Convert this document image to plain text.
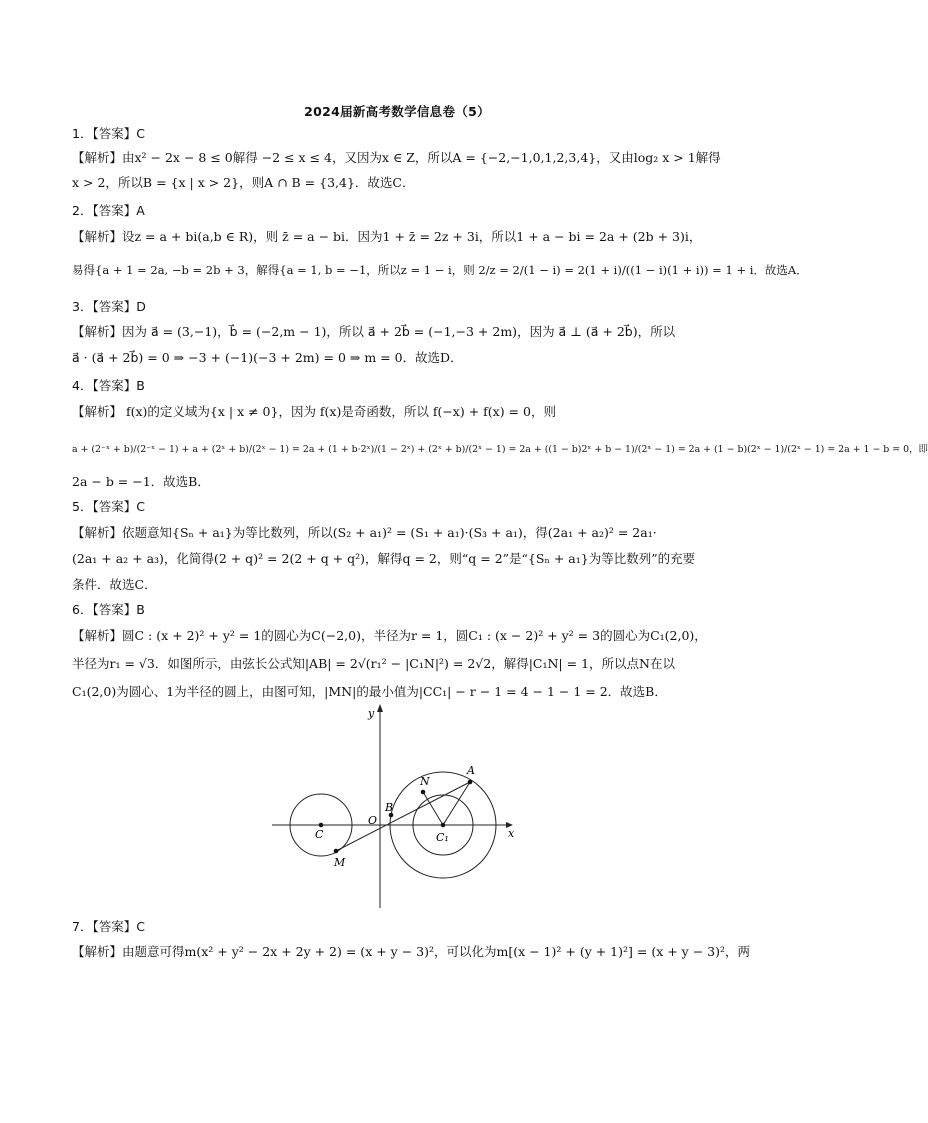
2024届新高考数学信息卷（5）
1．【答案】C
【解析】由x² − 2x − 8 ≤ 0解得 −2 ≤ x ≤ 4，又因为x ∈ Z，所以A = {−2,−1,0,1,2,3,4}，又由log₂ x > 1解得
x > 2，所以B = {x | x > 2}，则A ∩ B = {3,4}．故选C．
2．【答案】A
【解析】设z = a + bi(a,b ∈ R)，则 z̄ = a − bi．因为1 + z̄ = 2z + 3i，所以1 + a − bi = 2a + (2b + 3)i，
易得{a + 1 = 2a, −b = 2b + 3，解得{a = 1, b = −1，所以z = 1 − i，则 2/z = 2/(1 − i) = 2(1 + i)/((1 − i)(1 + i)) = 1 + i．故选A．
3．【答案】D
【解析】因为 a⃗ = (3,−1)，b⃗ = (−2,m − 1)，所以 a⃗ + 2b⃗ = (−1,−3 + 2m)，因为 a⃗ ⊥ (a⃗ + 2b⃗)，所以
a⃗ · (a⃗ + 2b⃗) = 0 ⇒ −3 + (−1)(−3 + 2m) = 0 ⇒ m = 0．故选D．
4．【答案】B
【解析】 f(x)的定义域为{x | x ≠ 0}，因为 f(x)是奇函数，所以 f(−x) + f(x) = 0，则
a + (2⁻ˣ + b)/(2⁻ˣ − 1) + a + (2ˣ + b)/(2ˣ − 1) = 2a + (1 + b·2ˣ)/(1 − 2ˣ) + (2ˣ + b)/(2ˣ − 1) = 2a + ((1 − b)2ˣ + b − 1)/(2ˣ − 1) = 2a + (1 − b)(2ˣ − 1)/(2ˣ − 1) = 2a + 1 − b = 0，即
2a − b = −1．故选B．
5．【答案】C
【解析】依题意知{Sₙ + a₁}为等比数列，所以(S₂ + a₁)² = (S₁ + a₁)·(S₃ + a₁)，得(2a₁ + a₂)² = 2a₁·
(2a₁ + a₂ + a₃)，化简得(2 + q)² = 2(2 + q + q²)，解得q = 2，则“q = 2”是“{Sₙ + a₁}为等比数列”的充要
条件．故选C．
6．【答案】B
【解析】圆C : (x + 2)² + y² = 1的圆心为C(−2,0)，半径为r = 1，圆C₁ : (x − 2)² + y² = 3的圆心为C₁(2,0)，
半径为r₁ = √3．如图所示，由弦长公式知|AB| = 2√(r₁² − |C₁N|²) = 2√2，解得|C₁N| = 1，所以点N在以
C₁(2,0)为圆心、1为半径的圆上，由图可知，|MN|的最小值为|CC₁| − r − 1 = 4 − 1 − 1 = 2．故选B．
7．【答案】C
【解析】由题意可得m(x² + y² − 2x + 2y + 2) = (x + y − 3)²，可以化为m[(x − 1)² + (y + 1)²] = (x + y − 3)²，两
x
y
O
C	C₁
M
N
A
B
